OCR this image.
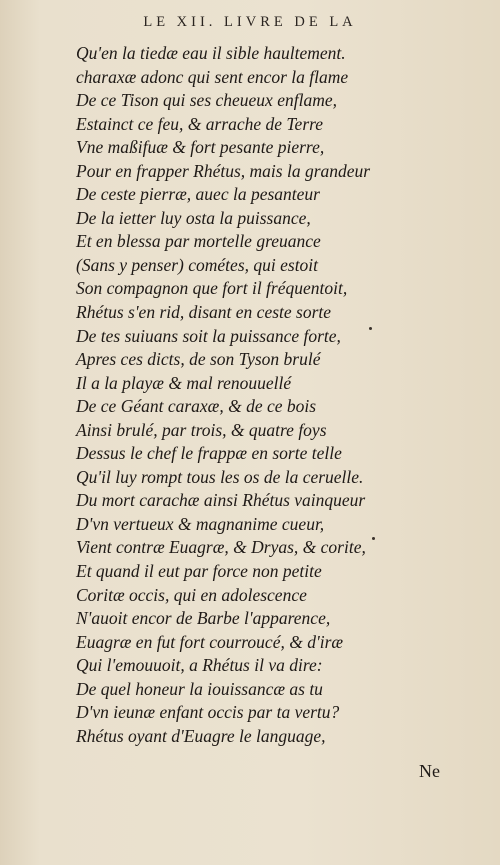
LE XII. LIVRE DE LA
Qu'en la tiedæ eau il sible haultement.
charaxæ adonc qui sent encor la flame
De ce Tison qui ses cheueux enflame,
Estainct ce feu, & arrache de Terre
Vne maßifuæ & fort pesante pierre,
Pour en frapper Rhétus, mais la grandeur
De ceste pierræ, auec la pesanteur
De la ietter luy osta la puissance,
Et en blessa par mortelle greuance
(Sans y penser) cométes, qui estoit
Son compagnon que fort il fréquentoit,
Rhétus s'en rid, disant en ceste sorte
De tes suiuans soit la puissance forte,
Apres ces dicts, de son Tyson brulé
Il a la playæ & mal renouuellé
De ce Géant caraxæ, & de ce bois
Ainsi brulé, par trois, & quatre foys
Dessus le chef le frappæ en sorte telle
Qu'il luy rompt tous les os de la ceruelle.
Du mort carachæ ainsi Rhétus vainqueur
D'vn vertueux & magnanime cueur,
Vient contræ Euagræ, & Dryas, & corite,
Et quand il eut par force non petite
Coritæ occis, qui en adolescence
N'auoit encor de Barbe l'apparence,
Euagræ en fut fort courroucé, & d'iræ
Qui l'emouuoit, a Rhétus il va dire:
De quel honeur la iouissancæ as tu
D'vn ieunæ enfant occis par ta vertu?
Rhétus oyant d'Euagre le language,
Ne
